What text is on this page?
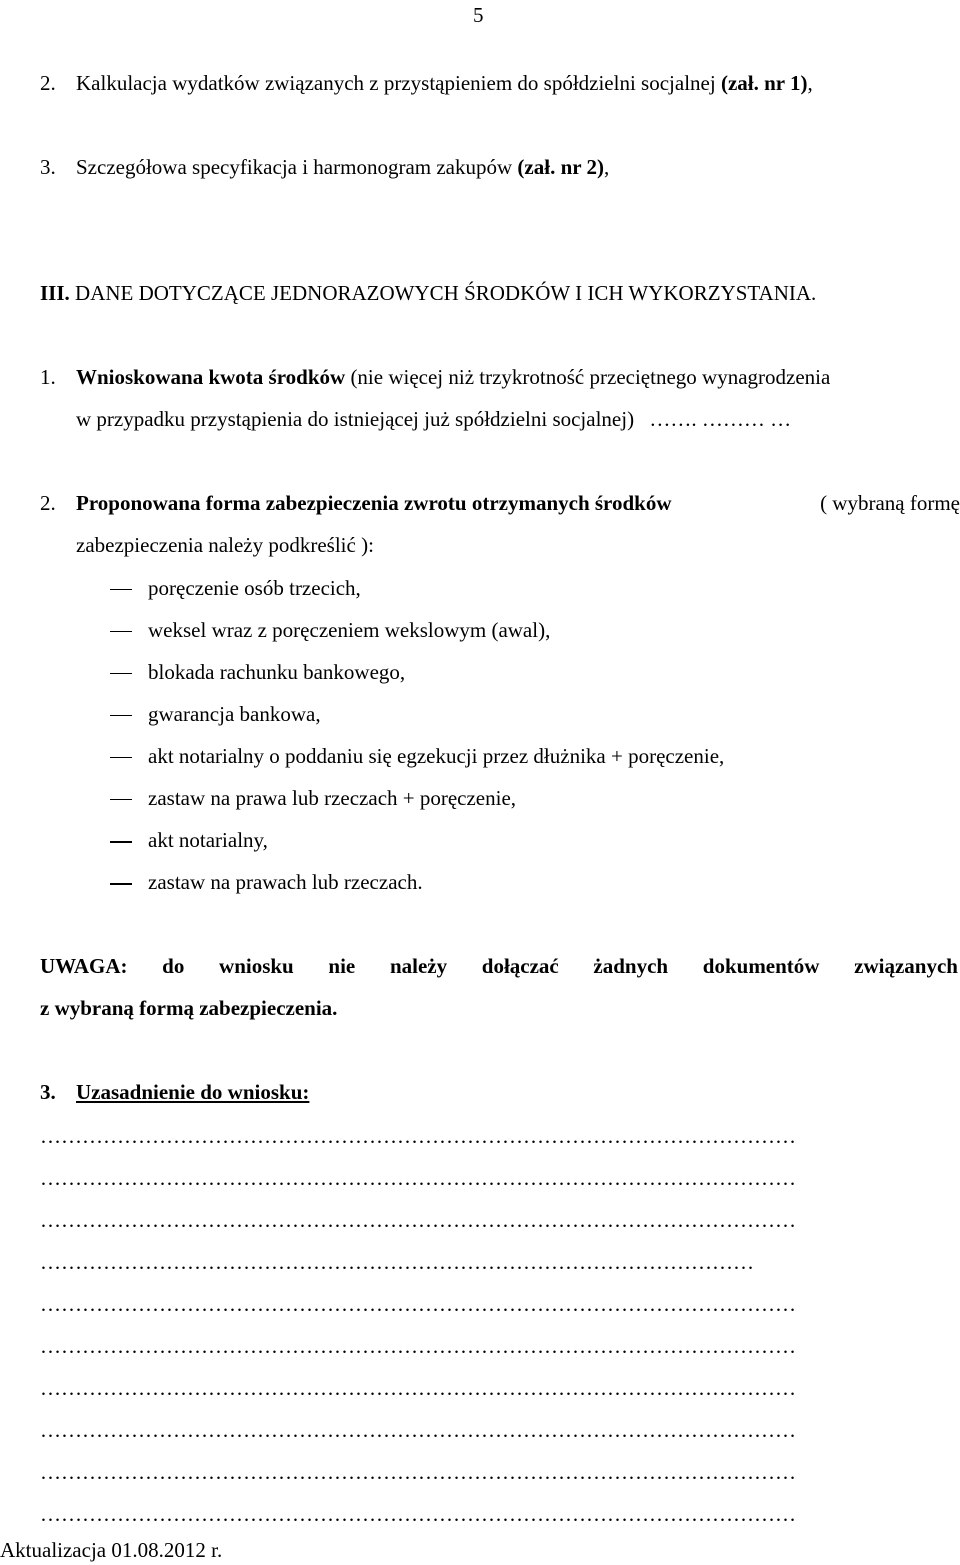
5
2. Kalkulacja wydatków związanych z przystąpieniem do spółdzielni socjalnej (zał. nr 1),
3. Szczegółowa specyfikacja i harmonogram zakupów (zał. nr 2),
III. DANE DOTYCZĄCE JEDNORAZOWYCH ŚRODKÓW I ICH WYKORZYSTANIA.
1. Wnioskowana kwota środków (nie więcej niż trzykrotność przeciętnego wynagrodzenia
w przypadku przystąpienia do istniejącej już spółdzielni socjalnej) ……. ……… …
2. Proponowana forma zabezpieczenia zwrotu otrzymanych środków	( wybraną formę
zabezpieczenia należy podkreślić ):
poręczenie osób trzecich,
weksel wraz z poręczeniem wekslowym (awal),
blokada rachunku bankowego,
gwarancja bankowa,
akt notarialny o poddaniu się egzekucji przez dłużnika + poręczenie,
zastaw na prawa lub rzeczach + poręczenie,
akt notarialny,
zastaw na prawach lub rzeczach.
UWAGA: do wniosku nie należy dołączać żadnych dokumentów związanych
z wybraną formą zabezpieczenia.
3. Uzasadnienie do wniosku:
………………………………………………………………………………………………
………………………………………………………………………………………………
………………………………………………………………………………………………
…………………………………………………………………………………………
………………………………………………………………………………………………
………………………………………………………………………………………………
………………………………………………………………………………………………
………………………………………………………………………………………………
………………………………………………………………………………………………
………………………………………………………………………………………………
Aktualizacja 01.08.2012 r.
